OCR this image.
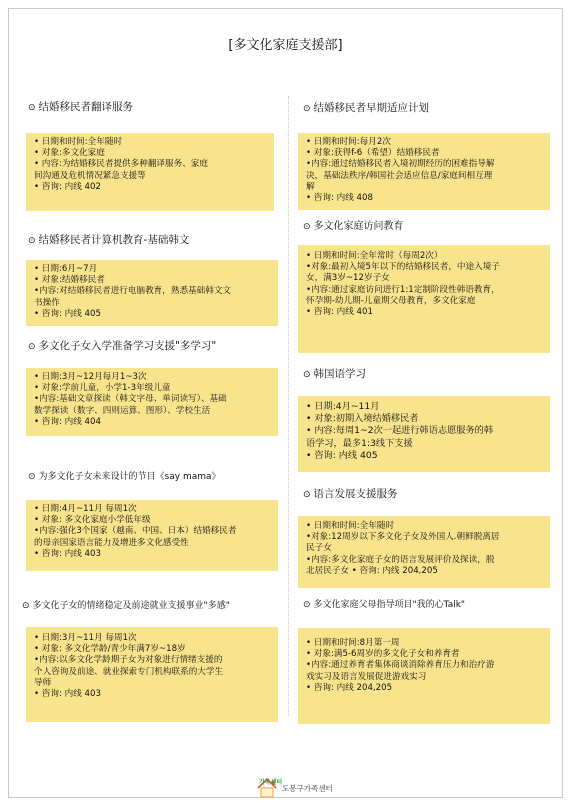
[多文化家庭支援部]
⊙ 结婚移民者翻译服务
• 日期和时间:全年随时
• 对象:多文化家庭
• 内容:为结婚移民者提供多种翻译服务、家庭
间沟通及危机情况紧急支援等
• 咨询: 内线 402
⊙ 结婚移民者计算机教育-基础韩文
• 日期:6月~7月
• 对象:结婚移民者
•内容:对结婚移民者进行电脑教育，熟悉基础韩文文
书操作
• 咨询: 内线 405
⊙ 多文化子女入学准备学习支援"多学习"
• 日期:3月~12月每月1~3次
• 对象:学前儿童，小学1-3年级儿童
•内容:基础文章探读（韩文字母、单词读写）、基础
数学探读（数字、四则运算、图形）、学校生活
• 咨询: 内线 404
⊙ 为多文化子女未来设计的节目《say mama》
• 日期:4月~11月 每周1次
• 对象: 多文化家庭小学低年级
•内容:强化3个国家（越南、中国、日本）结婚移民者
的母亲国家语言能力及增进多文化感受性
• 咨询: 内线 403
⊙ 多文化子女的情绪稳定及前途就业支援事业"多感"
• 日期:3月~11月 每周1次
• 对象: 多文化学龄/青少年满7岁~18岁
•内容:以多文化学龄期子女为对象进行情绪支援的
个人咨询及前途、就业探索专门机构联系的大学生
导师
• 咨询: 内线 403
⊙ 结婚移民者早期适应计划
• 日期和时间:每月2次
• 对象:获得f-6（希望）结婚移民者
•内容:通过结婚移民者入境初期经历的困难指导解
决，基础法秩序/韩国社会适应信息/家庭间相互理
解
• 咨询: 内线 408
⊙ 多文化家庭访问教育
• 日期和时间:全年常时（每周2次）
•对象:最初入境5年以下的结婚移民者，中途入境子
女，满3岁~12岁子女
•内容:通过家庭访问进行1:1定制阶段性韩语教育，
怀孕期-幼儿期-儿童期父母教育，多文化家庭
• 咨询: 内线 401
⊙ 韩国语学习
• 日期:4月~11月
• 对象:初期入境结婚移民者
• 内容:每周1~2次一起进行韩语志愿服务的韩
语学习，最多1:3线下支援
• 咨询: 内线 405
⊙ 语言发展支援服务
• 日期和时间:全年随时
•对象:12周岁以下多文化子女及外国人.朝鲜脱离居
民子女
•内容:多文化家庭子女的语言发展评价及探读，脱
北居民子女 • 咨询: 内线 204,205
⊙ 多文化家庭父母指导项目"我的心Talk"
• 日期和时间:8月第一周
• 对象:满5-6周岁的多文化子女和养育者
•内容:通过养育者集体商谈消除养育压力和治疗游
戏实习及语言发展促进游戏实习
• 咨询: 内线 204,205
가족센터
도봉구가족센터
